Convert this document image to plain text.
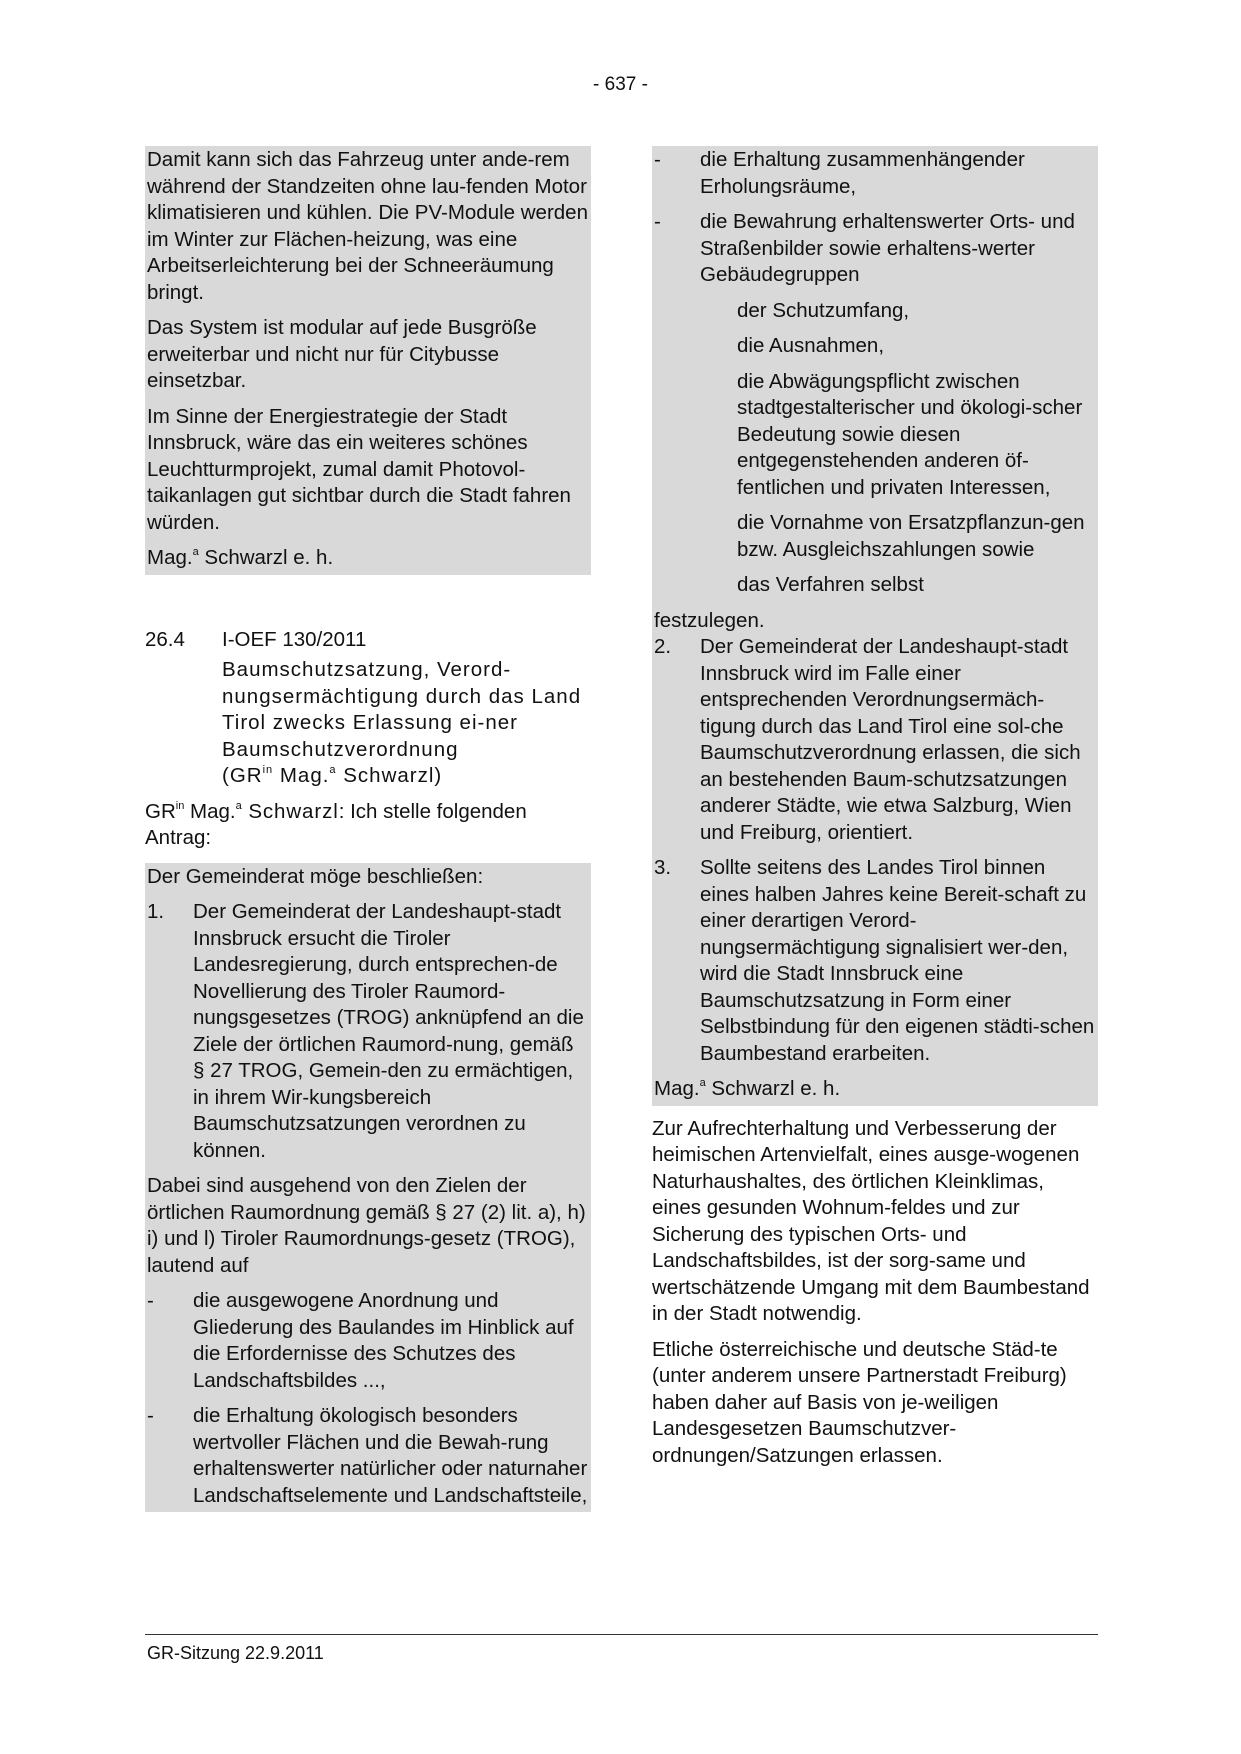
- 637 -

Damit kann sich das Fahrzeug unter ande-rem während der Standzeiten ohne lau-fenden Motor klimatisieren und kühlen. Die PV-Module werden im Winter zur Flächen-heizung, was eine Arbeitserleichterung bei der Schneeräumung bringt.

Das System ist modular auf jede Busgröße erweiterbar und nicht nur für Citybusse einsetzbar.

Im Sinne der Energiestrategie der Stadt Innsbruck, wäre das ein weiteres schönes Leuchtturmprojekt, zumal damit Photovol-taikanlagen gut sichtbar durch die Stadt fahren würden.

Mag.$^a$ Schwarzl e. h.

26.4 I-OEF 130/2011

Baumschutzsatzung, Verord-nungsermächtigung durch das Land Tirol zwecks Erlassung ei-ner Baumschutzverordnung

($GR^{in}$ Mag.$^a$ Schwarzl)

$GR^{in}$ Mag.$^a$ Schwarzl: Ich stelle folgenden Antrag:

Der Gemeinderat möge beschließen:

1. Der Gemeinderat der Landeshaupt-stadt Innsbruck ersucht die Tiroler Landesregierung, durch entsprechen-de Novellierung des Tiroler Raumord-nungsgesetzes (TROG) anknüpfend an die Ziele der örtlichen Raumord-nung, gemäß § 27 TROG, Gemein-den zu ermächtigen, in ihrem Wir-kungsbereich Baumschutzsatzungen verordnen zu können.

Dabei sind ausgehend von den Zielen der örtlichen Raumordnung gemäß § 27 (2) lit. a), h) i) und l) Tiroler Raumordnungs-gesetz (TROG), lautend auf

- die ausgewogene Anordnung und Gliederung des Baulandes im Hinblick auf die Erfordernisse des Schutzes des Landschaftsbildes ...,
- die Erhaltung ökologisch besonders wertvoller Flächen und die Bewah-rung erhaltenswerter natürlicher oder naturnaher Landschaftselemente und Landschaftsteile,
- die Erhaltung zusammenhängender Erholungsräume,
- die Bewahrung erhaltenswerter Orts- und Straßenbilder sowie erhaltens-werter Gebäudegruppen

der Schutzumfang,

die Ausnahmen,

die Abwägungspflicht zwischen stadtgestalterischer und ökologi-scher Bedeutung sowie diesen entgegenstehenden anderen öf-fentlichen und privaten Interessen,

die Vornahme von Ersatzpflanzun-gen bzw. Ausgleichszahlungen sowie

das Verfahren selbst

festzulegen.

2. Der Gemeinderat der Landeshaupt-stadt Innsbruck wird im Falle einer entsprechenden Verordnungsermäch-tigung durch das Land Tirol eine sol-che Baumschutzverordnung erlassen, die sich an bestehenden Baum-schutzsatzungen anderer Städte, wie etwa Salzburg, Wien und Freiburg, orientiert.
3. Sollte seitens des Landes Tirol binnen eines halben Jahres keine Bereit-schaft zu einer derartigen Verord-nungsermächtigung signalisiert wer-den, wird die Stadt Innsbruck eine Baumschutzsatzung in Form einer Selbstbindung für den eigenen städti-schen Baumbestand erarbeiten.

Mag.$^a$ Schwarzl e. h.

Zur Aufrechterhaltung und Verbesserung der heimischen Artenvielfalt, eines ausge-wogenen Naturhaushaltes, des örtlichen Kleinklimas, eines gesunden Wohnum-feldes und zur Sicherung des typischen Orts- und Landschaftsbildes, ist der sorg-same und wertschätzende Umgang mit dem Baumbestand in der Stadt notwendig.

Etliche österreichische und deutsche Städ-te (unter anderem unsere Partnerstadt Freiburg) haben daher auf Basis von je-weiligen Landesgesetzen Baumschutzver-ordnungen/Satzungen erlassen.

GR-Sitzung 22.9.2011
